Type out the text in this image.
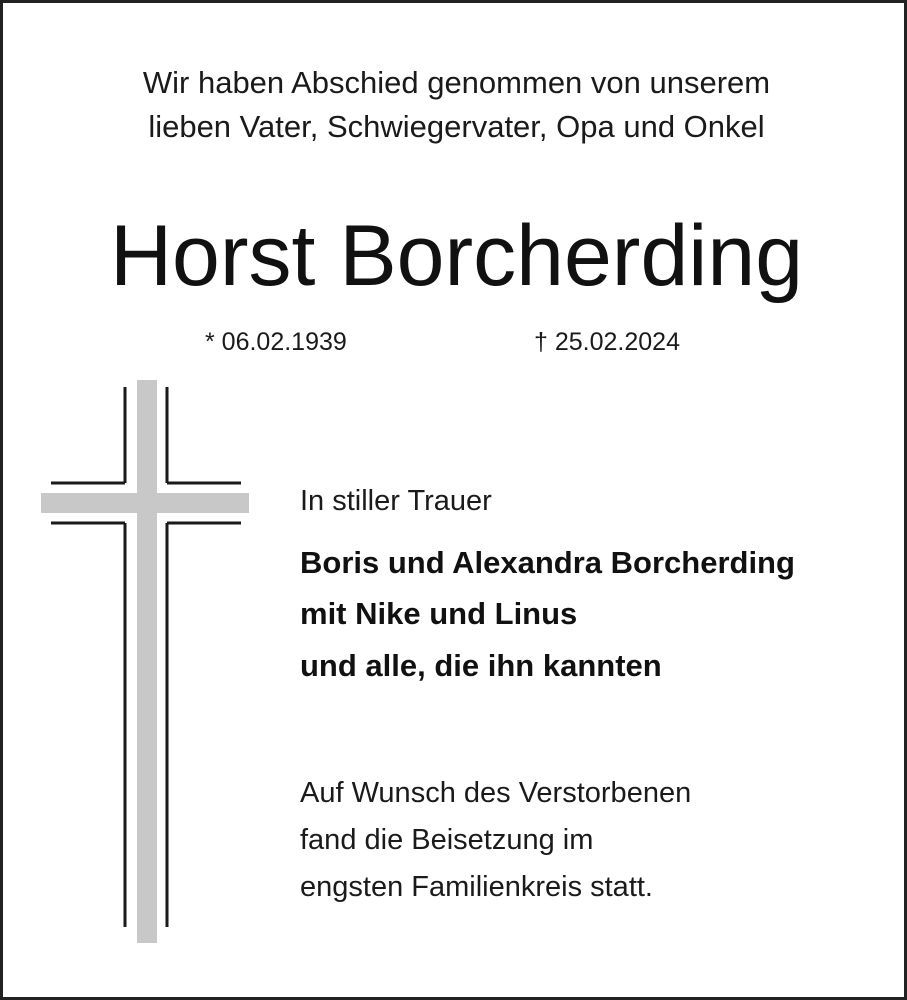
Wir haben Abschied genommen von unserem

lieben Vater, Schwiegervater, Opa und Onkel

Horst Borcherding

* 06.02.1939	† 25.02.2024

In stiller Trauer

Boris und Alexandra Borcherding

mit Nike und Linus

und alle, die ihn kannten

Auf Wunsch des Verstorbenen

fand die Beisetzung im

engsten Familienkreis statt.
